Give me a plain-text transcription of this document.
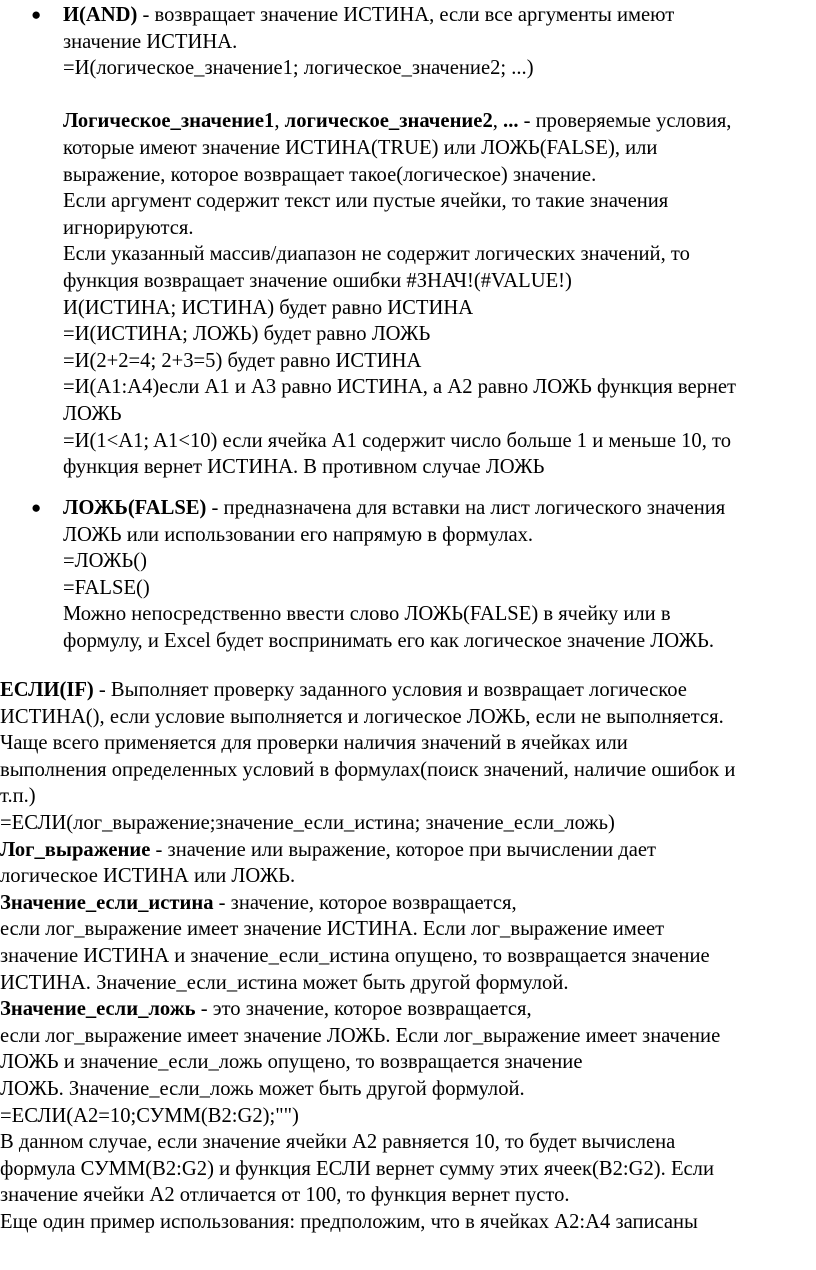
● И(AND) - возвращает значение ИСТИНА, если все аргументы имеют
значение ИСТИНА.
=И(логическое_значение1; логическое_значение2; ...)
Логическое_значение1, логическое_значение2, ... - проверяемые условия,
которые имеют значение ИСТИНА(TRUE) или ЛОЖЬ(FALSE), или
выражение, которое возвращает такое(логическое) значение.
Если аргумент содержит текст или пустые ячейки, то такие значения
игнорируются.
Если указанный массив/диапазон не содержит логических значений, то
функция возвращает значение ошибки #ЗНАЧ!(#VALUE!)
И(ИСТИНА; ИСТИНА) будет равно ИСТИНА
=И(ИСТИНА; ЛОЖЬ) будет равно ЛОЖЬ
=И(2+2=4; 2+3=5) будет равно ИСТИНА
=И(А1:А4)если А1 и А3 равно ИСТИНА, а А2 равно ЛОЖЬ функция вернет
ЛОЖЬ
=И(1<A1; A1<10) если ячейка А1 содержит число больше 1 и меньше 10, то
функция вернет ИСТИНА. В противном случае ЛОЖЬ
● ЛОЖЬ(FALSE) - предназначена для вставки на лист логического значения
ЛОЖЬ или использовании его напрямую в формулах.
=ЛОЖЬ()
=FALSE()
Можно непосредственно ввести слово ЛОЖЬ(FALSE) в ячейку или в
формулу, и Excel будет воспринимать его как логическое значение ЛОЖЬ.
ЕСЛИ(IF) - Выполняет проверку заданного условия и возвращает логическое
ИСТИНА(), если условие выполняется и логическое ЛОЖЬ, если не выполняется.
Чаще всего применяется для проверки наличия значений в ячейках или
выполнения определенных условий в формулах(поиск значений, наличие ошибок и
т.п.)
=ЕСЛИ(лог_выражение;значение_если_истина; значение_если_ложь)
Лог_выражение - значение или выражение, которое при вычислении дает
логическое ИСТИНА или ЛОЖЬ.
Значение_если_истина - значение, которое возвращается,
если лог_выражение имеет значение ИСТИНА. Если лог_выражение имеет
значение ИСТИНА и значение_если_истина опущено, то возвращается значение
ИСТИНА. Значение_если_истина может быть другой формулой.
Значение_если_ложь - это значение, которое возвращается,
если лог_выражение имеет значение ЛОЖЬ. Если лог_выражение имеет значение
ЛОЖЬ и значение_если_ложь опущено, то возвращается значение
ЛОЖЬ. Значение_если_ложь может быть другой формулой.
=ЕСЛИ(А2=10;СУММ(B2:G2);"")
В данном случае, если значение ячейки А2 равняется 10, то будет вычислена
формула СУММ(B2:G2) и функция ЕСЛИ вернет сумму этих ячеек(B2:G2). Если
значение ячейки А2 отличается от 100, то функция вернет пусто.
Еще один пример использования: предположим, что в ячейках А2:А4 записаны
